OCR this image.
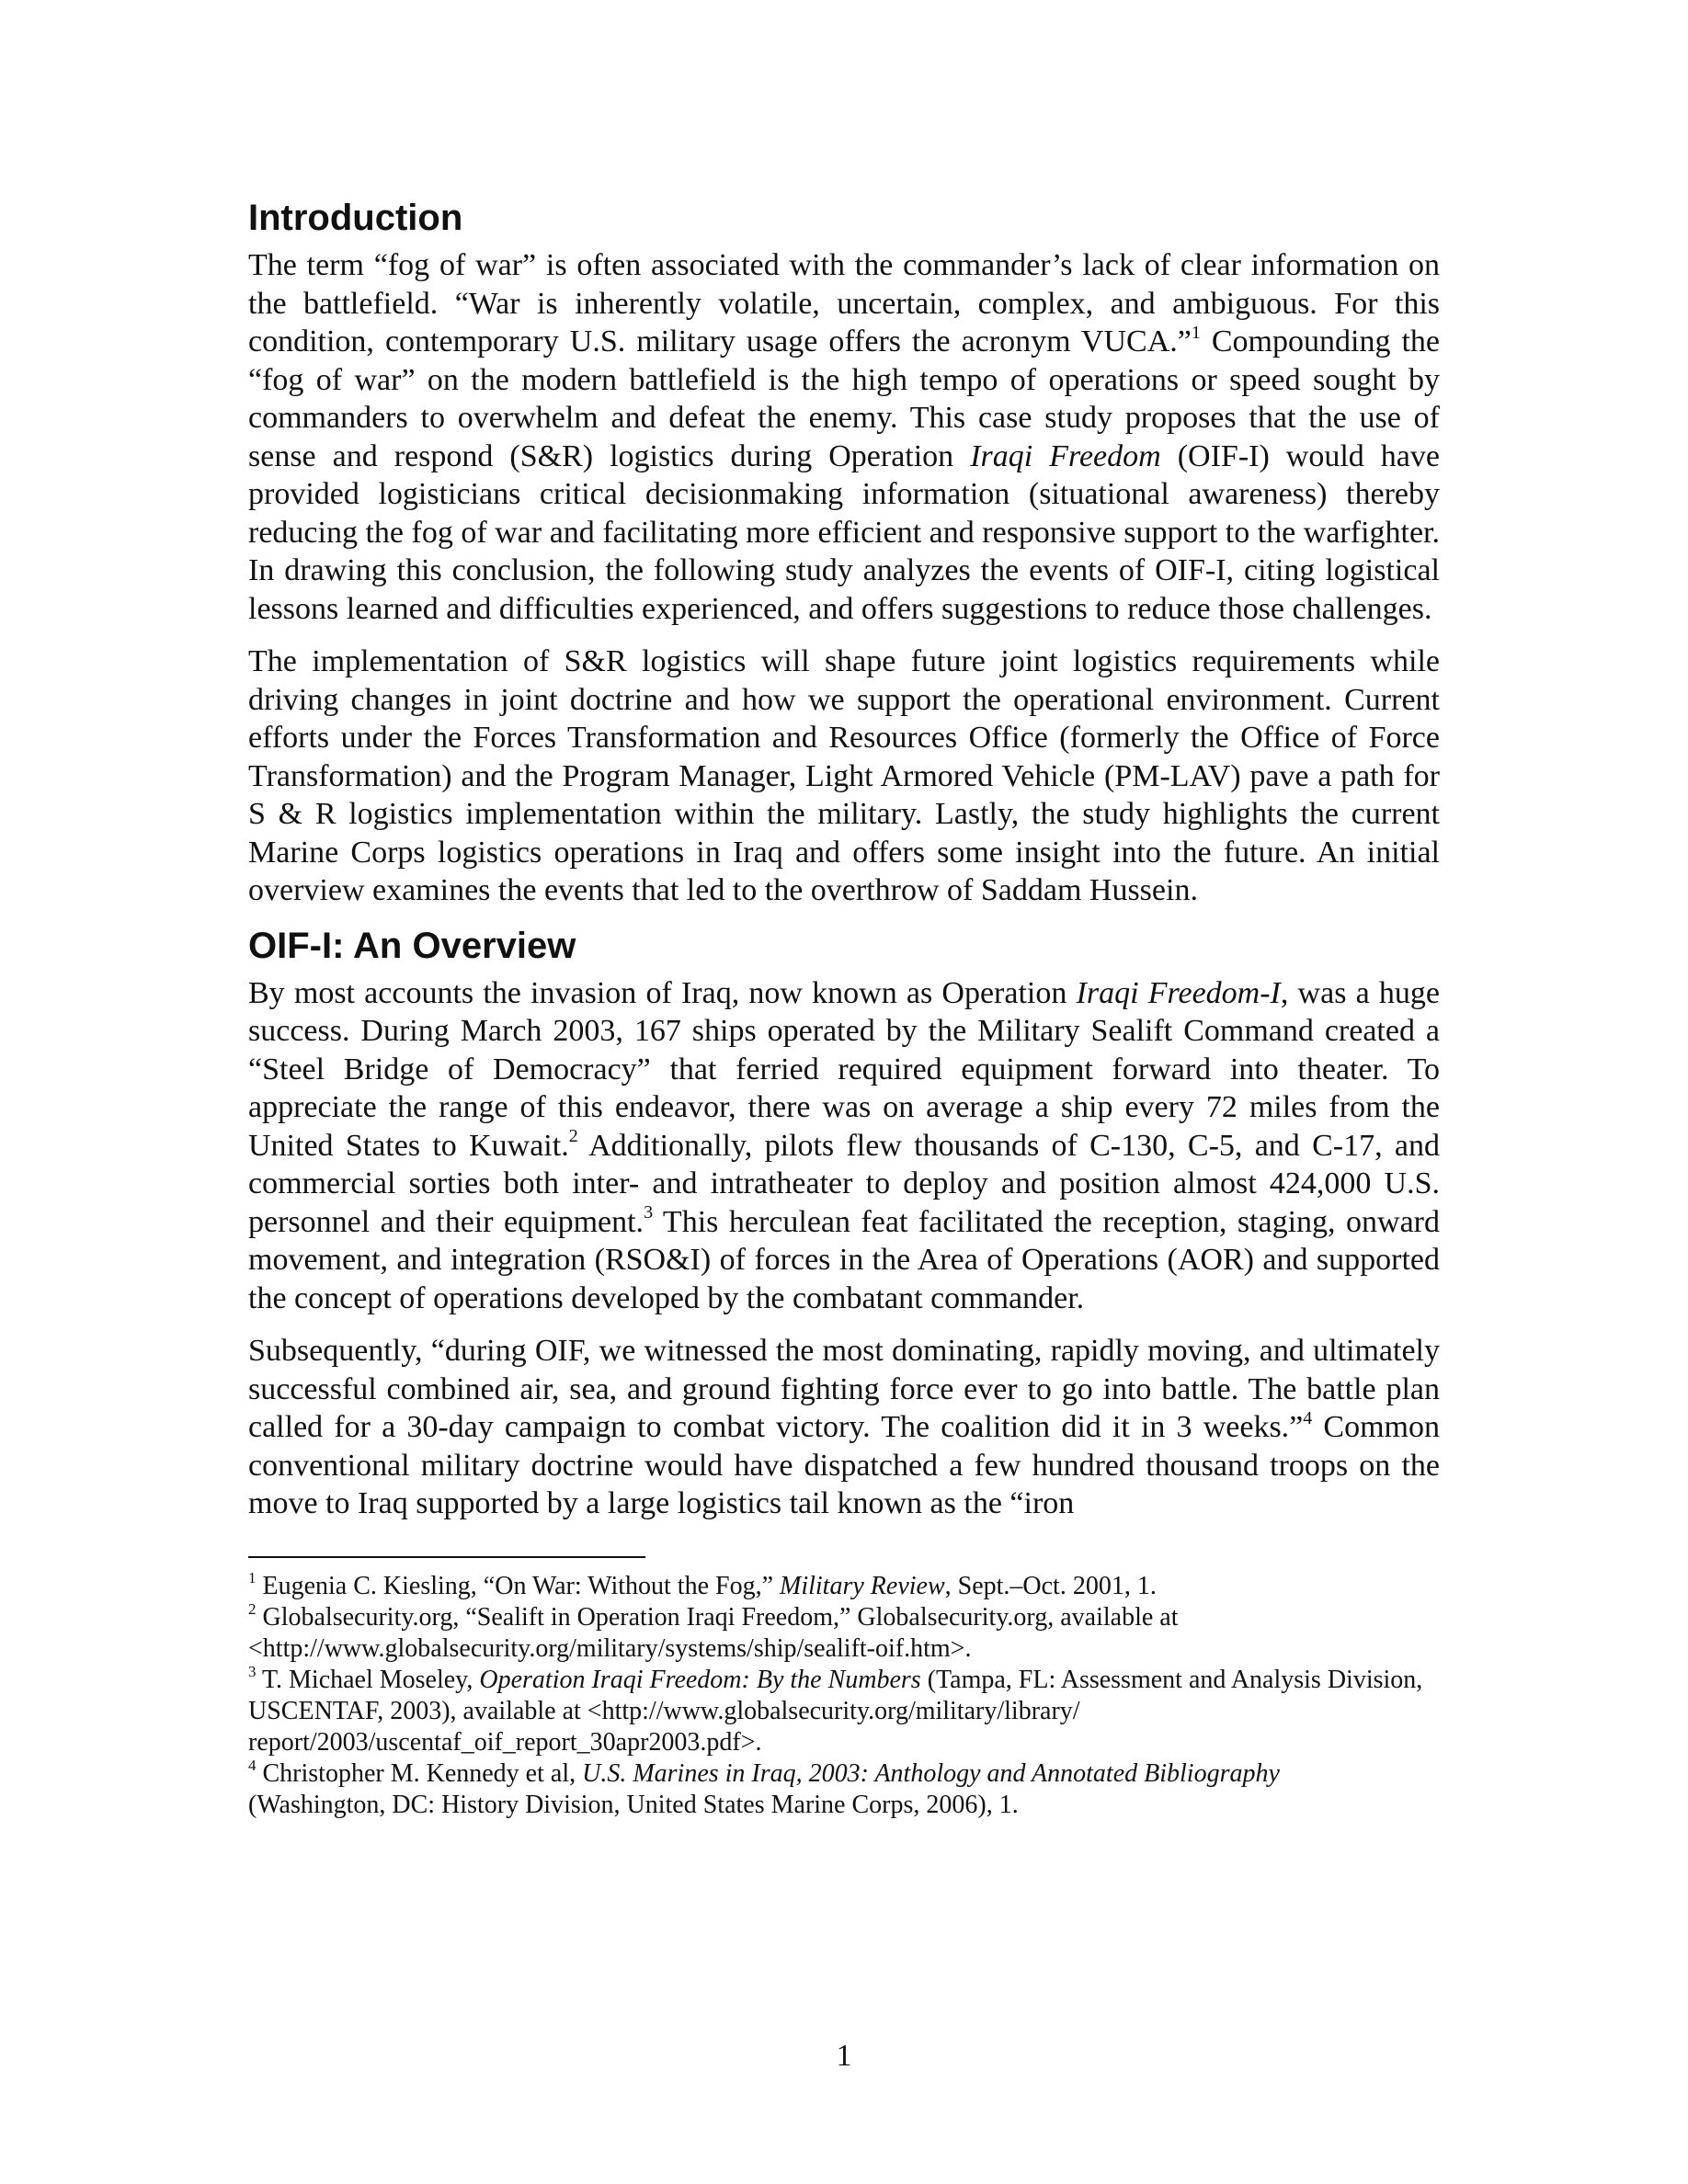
Introduction

The term “fog of war” is often associated with the commander’s lack of clear information on the battlefield. “War is inherently volatile, uncertain, complex, and ambiguous. For this condition, contemporary U.S. military usage offers the acronym VUCA.”$^1$ Compounding the “fog of war” on the modern battlefield is the high tempo of operations or speed sought by commanders to overwhelm and defeat the enemy. This case study proposes that the use of sense and respond (S&R) logistics during Operation Iraqi Freedom (OIF-I) would have provided logisticians critical decisionmaking information (situational awareness) thereby reducing the fog of war and facilitating more efficient and responsive support to the warfighter. In drawing this conclusion, the following study analyzes the events of OIF-I, citing logistical lessons learned and difficulties experienced, and offers suggestions to reduce those challenges.

The implementation of S&R logistics will shape future joint logistics requirements while driving changes in joint doctrine and how we support the operational environment. Current efforts under the Forces Transformation and Resources Office (formerly the Office of Force Transformation) and the Program Manager, Light Armored Vehicle (PM-LAV) pave a path for S & R logistics implementation within the military. Lastly, the study highlights the current Marine Corps logistics operations in Iraq and offers some insight into the future. An initial overview examines the events that led to the overthrow of Saddam Hussein.

OIF-I: An Overview

By most accounts the invasion of Iraq, now known as Operation Iraqi Freedom-I, was a huge success. During March 2003, 167 ships operated by the Military Sealift Command created a “Steel Bridge of Democracy” that ferried required equipment forward into theater. To appreciate the range of this endeavor, there was on average a ship every 72 miles from the United States to Kuwait.$^2$ Additionally, pilots flew thousands of C-130, C-5, and C-17, and commercial sorties both inter- and intratheater to deploy and position almost 424,000 U.S. personnel and their equipment.$^3$ This herculean feat facilitated the reception, staging, onward movement, and integration (RSO&I) of forces in the Area of Operations (AOR) and supported the concept of operations developed by the combatant commander.

Subsequently, “during OIF, we witnessed the most dominating, rapidly moving, and ultimately successful combined air, sea, and ground fighting force ever to go into battle. The battle plan called for a 30-day campaign to combat victory. The coalition did it in 3 weeks.”$^4$ Common conventional military doctrine would have dispatched a few hundred thousand troops on the move to Iraq supported by a large logistics tail known as the “iron

$^1$ Eugenia C. Kiesling, “On War: Without the Fog,” Military Review, Sept.–Oct. 2001, 1.
$^2$ Globalsecurity.org, “Sealift in Operation Iraqi Freedom,” Globalsecurity.org, available at
<http://www.globalsecurity.org/military/systems/ship/sealift-oif.htm>.
$^3$ T. Michael Moseley, Operation Iraqi Freedom: By the Numbers (Tampa, FL: Assessment and Analysis Division, USCENTAF, 2003), available at <http://www.globalsecurity.org/military/library/
report/2003/uscentaf_oif_report_30apr2003.pdf>.
$^4$ Christopher M. Kennedy et al, U.S. Marines in Iraq, 2003: Anthology and Annotated Bibliography
(Washington, DC: History Division, United States Marine Corps, 2006), 1.
1
